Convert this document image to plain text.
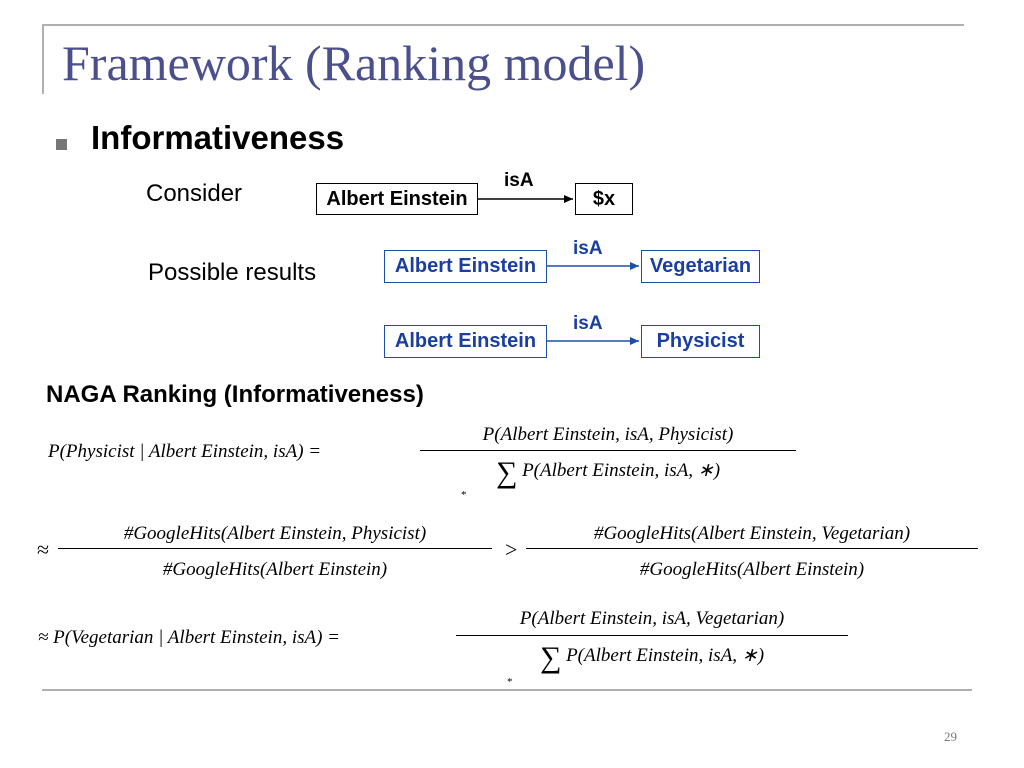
Framework (Ranking model)
Informativeness
Consider	Albert Einstein
isA
$x
Possible results	Albert Einstein
isA
Vegetarian
Albert Einstein
isA
Physicist
NAGA Ranking (Informativeness)
P(Physicist | Albert Einstein, isA) =
P(Albert Einstein, isA, Physicist)
∑ P(Albert Einstein, isA, ∗)
*
≈
#GoogleHits(Albert Einstein, Physicist)
#GoogleHits(Albert Einstein)
>
#GoogleHits(Albert Einstein, Vegetarian)
#GoogleHits(Albert Einstein)
≈ P(Vegetarian | Albert Einstein, isA) =
P(Albert Einstein, isA, Vegetarian)
∑ P(Albert Einstein, isA, ∗)
*
29
